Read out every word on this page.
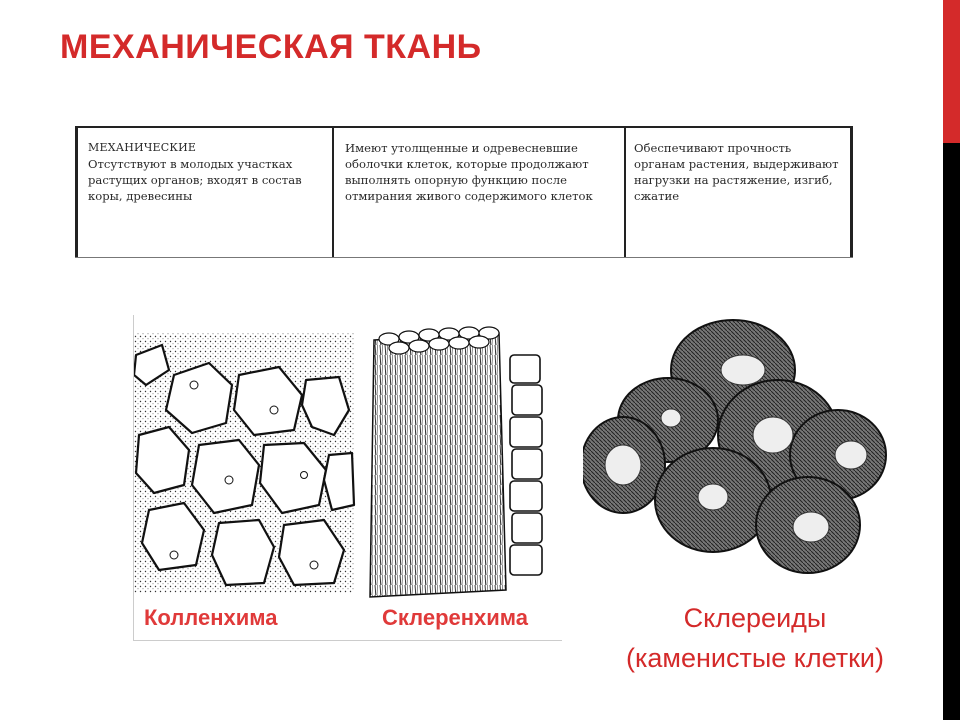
МЕХАНИЧЕСКАЯ ТКАНЬ
МЕХАНИЧЕСКИЕ
Отсутствуют в молодых участках растущих органов; входят в состав коры, древесины
Имеют утолщенные и одревесневшие оболочки клеток, которые продолжают выполнять опорную функцию после отмирания живого содержимого клеток
Обеспечивают прочность органам растения, выдерживают нагрузки на растяжение, изгиб, сжатие
Колленхима	Склеренхима	Склереиды
(каменистые клетки)
